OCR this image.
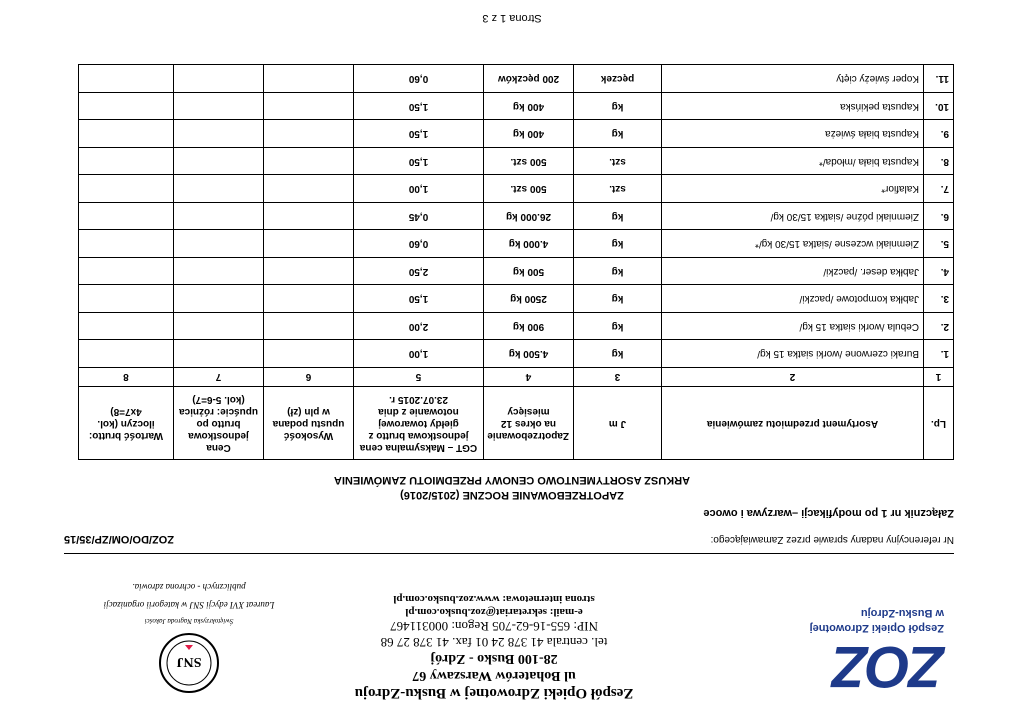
ZOZ
Zespół Opieki Zdrowotnej
w Busku-Zdroju
Zespół Opieki Zdrowotnej w Busku-Zdroju
ul Bohaterów Warszawy 67
28-100 Busko - Zdrój
tel. centrala 41 378 24 01 fax. 41 378 27 68
NIP: 655-16-62-705 Regon: 000311467
e-mail: sekretariat@zoz.busko.com.pl
strona internetowa: www.zoz.busko.com.pl
SNJ
Świętokrzyska Nagroda Jakości
Laureat XVI edycji SNJ w kategorii organizacji
publicznych - ochrona zdrowia.
Nr referencyjny nadany sprawie przez Zamawiającego:
ZOZ/DO/OM/ZP/35/15
Załącznik nr 1 po modyfikacji –warzywa i owoce
ZAPOTRZEBOWANIE ROCZNE (2015/2016)
ARKUSZ ASORTYMENTOWO CENOWY PRZEDMIOTU ZAMÓWIENIA
Lp.	Asortyment przedmiotu zamówienia	J m	Zapotrzebowanie na okres 12 miesięcy	CGT – Maksymalna cena jednostkowa brutto z giełdy towarowej notowanie z dnia 23.07.2015 r.	Wysokość upustu podana w pln (zł)	Cena jednostkowa brutto po upuście: różnica (kol. 5-6=7)	Wartość brutto: iloczyn (kol. 4x7=8)
1	2	3	4	5	6	7	8
1.	Buraki czerwone /worki siatka 15 kg/	kg	4.500 kg	1,00			
2.	Cebula /worki siatka 15 kg/	kg	900 kg	2,00			
3.	Jabłka kompotowe /paczki/	kg	2500 kg	1,50			
4.	Jabłka deser. /paczki/	kg	500 kg	2,50			
5.	Ziemniaki wczesne /siatka 15/30 kg/*	kg	4.000 kg	0,60			
6.	Ziemniaki późne /siatka 15/30 kg/	kg	26.000 kg	0,45			
7.	Kalafior*	szt.	500 szt.	1,00			
8.	Kapusta biała /młoda/*	szt.	500 szt.	1,50			
9.	Kapusta biała świeża	kg	400 kg	1,50			
10.	Kapusta pekińska	kg	400 kg	1,50			
11.	Koper świeży cięty	pęczek	200 pęczków	0,60			
Strona 1 z 3
